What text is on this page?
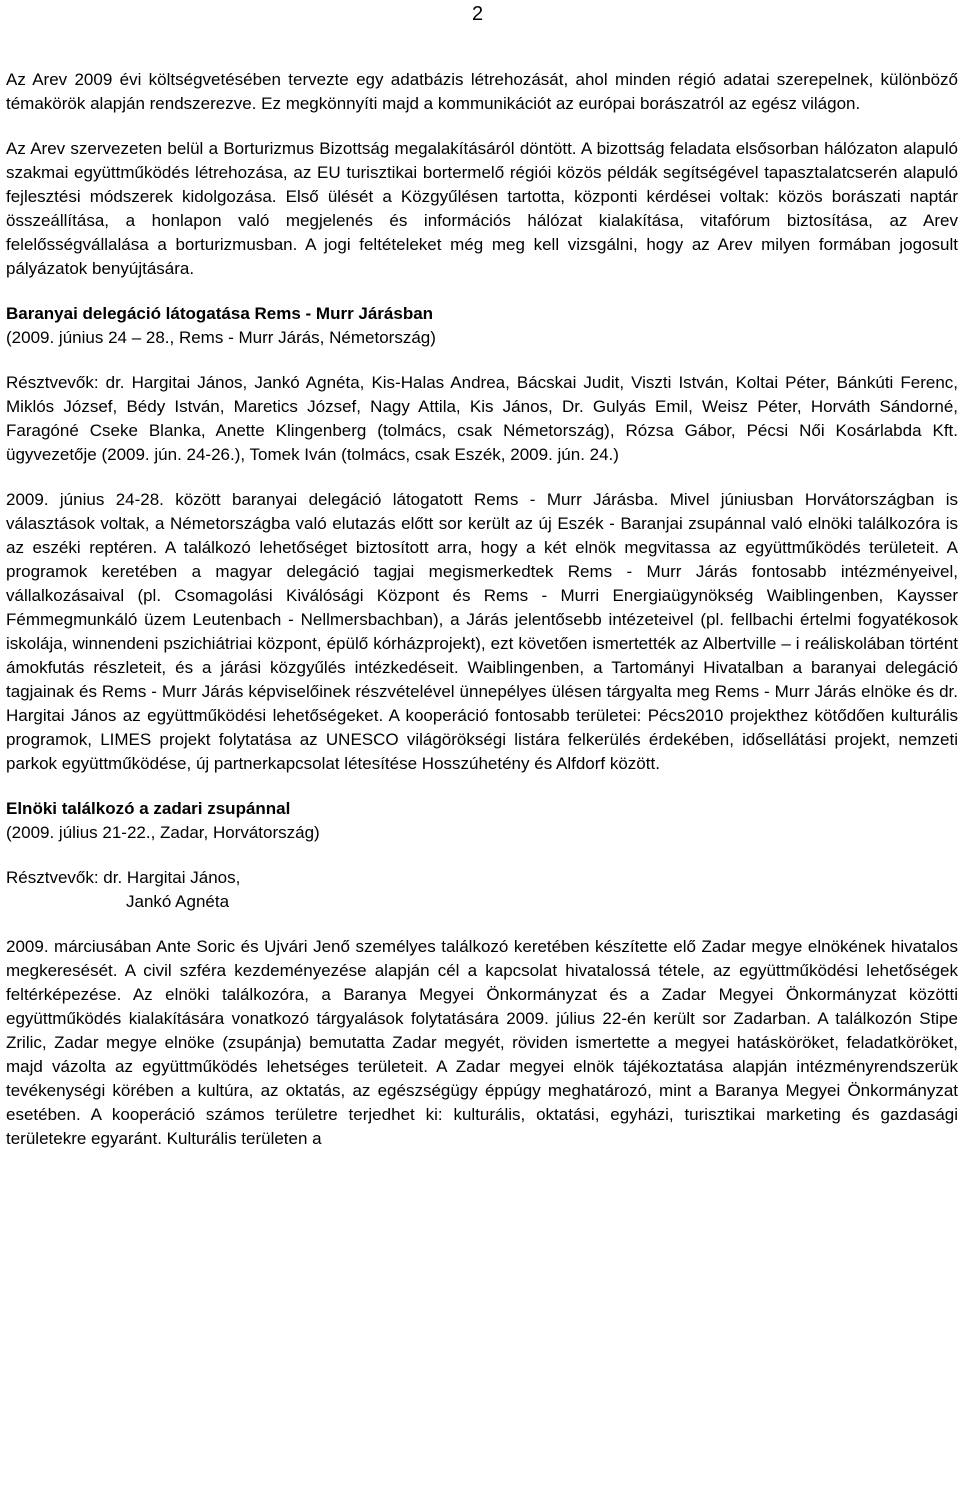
2

Az Arev 2009 évi költségvetésében tervezte egy adatbázis létrehozását, ahol minden régió adatai szerepelnek, különböző témakörök alapján rendszerezve. Ez megkönnyíti majd a kommunikációt az európai borászatról az egész világon.

Az Arev szervezeten belül a Borturizmus Bizottság megalakításáról döntött. A bizottság feladata elsősorban hálózaton alapuló szakmai együttműködés létrehozása, az EU turisztikai bortermelő régiói közös példák segítségével tapasztalatcserén alapuló fejlesztési módszerek kidolgozása. Első ülését a Közgyűlésen tartotta, központi kérdései voltak: közös borászati naptár összeállítása, a honlapon való megjelenés és információs hálózat kialakítása, vitafórum biztosítása, az Arev felelősségvállalása a borturizmusban. A jogi feltételeket még meg kell vizsgálni, hogy az Arev milyen formában jogosult pályázatok benyújtására.

Baranyai delegáció látogatása Rems - Murr Járásban
(2009. június 24 – 28., Rems - Murr Járás, Németország)

Résztvevők: dr. Hargitai János, Jankó Agnéta, Kis-Halas Andrea, Bácskai Judit, Viszti István, Koltai Péter, Bánkúti Ferenc, Miklós József, Bédy István, Maretics József, Nagy Attila, Kis János, Dr. Gulyás Emil, Weisz Péter, Horváth Sándorné, Faragóné Cseke Blanka, Anette Klingenberg (tolmács, csak Németország), Rózsa Gábor, Pécsi Női Kosárlabda Kft. ügyvezetője (2009. jún. 24-26.), Tomek Iván (tolmács, csak Eszék, 2009. jún. 24.)

2009. június 24-28. között baranyai delegáció látogatott Rems - Murr Járásba. Mivel júniusban Horvátországban is választások voltak, a Németországba való elutazás előtt sor került az új Eszék - Baranjai zsupánnal való elnöki találkozóra is az eszéki reptéren. A találkozó lehetőséget biztosított arra, hogy a két elnök megvitassa az együttműködés területeit. A programok keretében a magyar delegáció tagjai megismerkedtek Rems - Murr Járás fontosabb intézményeivel, vállalkozásaival (pl. Csomagolási Kiválósági Központ és Rems - Murri Energiaügynökség Waiblingenben, Kaysser Fémmegmunkáló üzem Leutenbach - Nellmersbachban), a Járás jelentősebb intézeteivel (pl. fellbachi értelmi fogyatékosok iskolája, winnendeni pszichiátriai központ, épülő kórházprojekt), ezt követően ismertették az Albertville – i reáliskolában történt ámokfutás részleteit, és a járási közgyűlés intézkedéseit. Waiblingenben, a Tartományi Hivatalban a baranyai delegáció tagjainak és Rems - Murr Járás képviselőinek részvételével ünnepélyes ülésen tárgyalta meg Rems - Murr Járás elnöke és dr. Hargitai János az együttműködési lehetőségeket. A kooperáció fontosabb területei: Pécs2010 projekthez kötődően kulturális programok, LIMES projekt folytatása az UNESCO világörökségi listára felkerülés érdekében, idősellátási projekt, nemzeti parkok együttműködése, új partnerkapcsolat létesítése Hosszúhetény és Alfdorf között.

Elnöki találkozó a zadari zsupánnal
(2009. július 21-22., Zadar, Horvátország)
Résztvevők: dr. Hargitai János,
Jankó Agnéta

2009. márciusában Ante Soric és Ujvári Jenő személyes találkozó keretében készítette elő Zadar megye elnökének hivatalos megkeresését. A civil szféra kezdeményezése alapján cél a kapcsolat hivatalossá tétele, az együttműködési lehetőségek feltérképezése. Az elnöki találkozóra, a Baranya Megyei Önkormányzat és a Zadar Megyei Önkormányzat közötti együttműködés kialakítására vonatkozó tárgyalások folytatására 2009. július 22-én került sor Zadarban. A találkozón Stipe Zrilic, Zadar megye elnöke (zsupánja) bemutatta Zadar megyét, röviden ismertette a megyei hatásköröket, feladatköröket, majd vázolta az együttműködés lehetséges területeit. A Zadar megyei elnök tájékoztatása alapján intézményrendszerük tevékenységi körében a kultúra, az oktatás, az egészségügy éppúgy meghatározó, mint a Baranya Megyei Önkormányzat esetében. A kooperáció számos területre terjedhet ki: kulturális, oktatási, egyházi, turisztikai marketing és gazdasági területekre egyaránt. Kulturális területen a
